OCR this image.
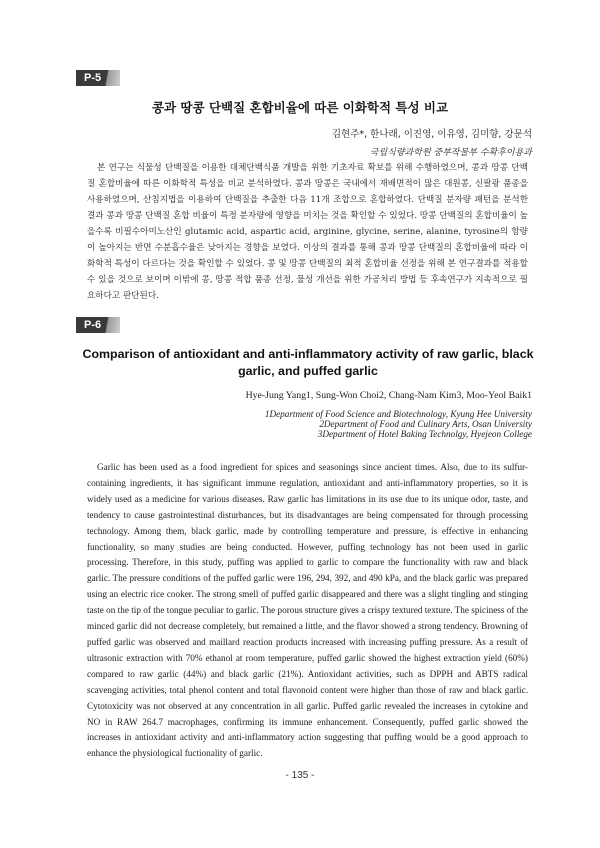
P-5
콩과 땅콩 단백질 혼합비율에 따른 이화학적 특성 비교
김현주*, 한나래, 이진영, 이유영, 김미향, 강문석
국립식량과학원 중부작물부 수확후이용과

본 연구는 식물성 단백질을 이용한 대체단백식품 개발을 위한 기초자료 확보를 위해 수행하였으며, 콩과 땅콩 단백질 혼합비율에 따른 이화학적 특성을 비교 분석하였다. 콩과 땅콩은 국내에서 재배면적이 많은 대원콩, 신팔광 품종을 사용하였으며, 산침지법을 이용하여 단백질을 추출한 다음 11개 조합으로 혼합하였다. 단백질 분자량 패턴을 분석한 결과 콩과 땅콩 단백질 혼합 비율이 특정 분자량에 영향을 미치는 것을 확인할 수 있었다. 땅콩 단백질의 혼합비율이 높을수록 비필수아미노산인 glutamic acid, aspartic acid, arginine, glycine, serine, alanine, tyrosine의 함량이 높아지는 반면 수분흡수율은 낮아지는 경향을 보였다. 이상의 결과를 통해 콩과 땅콩 단백질의 혼합비율에 따라 이화학적 특성이 다르다는 것을 확인할 수 있었다. 콩 및 땅콩 단백질의 최적 혼합비율 선정을 위해 본 연구결과를 적용할 수 있을 것으로 보이며 이밖에 콩, 땅콩 적합 품종 선정, 물성 개선을 위한 가공처리 방법 등 후속연구가 지속적으로 필요하다고 판단된다.

P-6
Comparison of antioxidant and anti-inflammatory activity of raw garlic, black garlic, and puffed garlic
Hye-Jung Yang1, Sung-Won Choi2, Chang-Nam Kim3, Moo-Yeol Baik1
1Department of Food Science and Biotechnology, Kyung Hee University
2Department of Food and Culinary Arts, Osan University
3Department of Hotel Baking Technolgy, Hyejeon College

Garlic has been used as a food ingredient for spices and seasonings since ancient times. Also, due to its sulfur-containing ingredients, it has significant immune regulation, antioxidant and anti-inflammatory properties, so it is widely used as a medicine for various diseases. Raw garlic has limitations in its use due to its unique odor, taste, and tendency to cause gastrointestinal disturbances, but its disadvantages are being compensated for through processing technology. Among them, black garlic, made by controlling temperature and pressure, is effective in enhancing functionality, so many studies are being conducted. However, puffing technology has not been used in garlic processing. Therefore, in this study, puffing was applied to garlic to compare the functionality with raw and black garlic. The pressure conditions of the puffed garlic were 196, 294, 392, and 490 kPa, and the black garlic was prepared using an electric rice cooker. The strong smell of puffed garlic disappeared and there was a slight tingling and stinging taste on the tip of the tongue peculiar to garlic. The porous structure gives a crispy textured texture. The spiciness of the minced garlic did not decrease completely, but remained a little, and the flavor showed a strong tendency. Browning of puffed garlic was observed and maillard reaction products increased with increasing puffing pressure. As a result of ultrasonic extraction with 70% ethanol at room temperature, puffed garlic showed the highest extraction yield (60%) compared to raw garlic (44%) and black garlic (21%). Antioxidant activities, such as DPPH and ABTS radical scavenging activities, total phenol content and total flavonoid content were higher than those of raw and black garlic. Cytotoxicity was not observed at any concentration in all garlic. Puffed garlic revealed the increases in cytokine and NO in RAW 264.7 macrophages, confirming its immune enhancement. Consequently, puffed garlic showed the increases in antioxidant activity and anti-inflammatory action suggesting that puffing would be a good approach to enhance the physiological fuctionality of garlic.

- 135 -
